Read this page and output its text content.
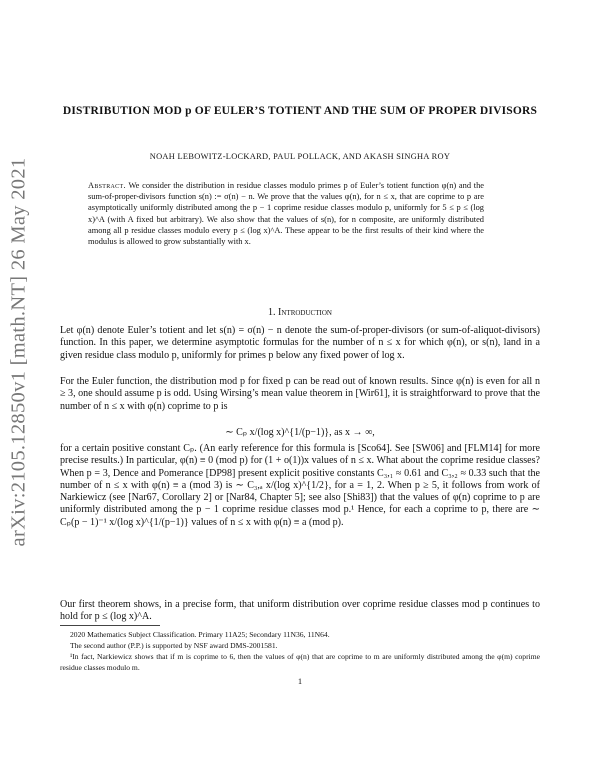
arXiv:2105.12850v1 [math.NT] 26 May 2021
DISTRIBUTION MOD p OF EULER’S TOTIENT AND THE SUM OF PROPER DIVISORS
NOAH LEBOWITZ-LOCKARD, PAUL POLLACK, AND AKASH SINGHA ROY
Abstract. We consider the distribution in residue classes modulo primes p of Euler’s totient function φ(n) and the sum-of-proper-divisors function s(n) := σ(n) − n. We prove that the values φ(n), for n ≤ x, that are coprime to p are asymptotically uniformly distributed among the p − 1 coprime residue classes modulo p, uniformly for 5 ≤ p ≤ (log x)^A (with A fixed but arbitrary). We also show that the values of s(n), for n composite, are uniformly distributed among all p residue classes modulo every p ≤ (log x)^A. These appear to be the first results of their kind where the modulus is allowed to grow substantially with x.
1. Introduction
Let φ(n) denote Euler’s totient and let s(n) = σ(n) − n denote the sum-of-proper-divisors (or sum-of-aliquot-divisors) function. In this paper, we determine asymptotic formulas for the number of n ≤ x for which φ(n), or s(n), land in a given residue class modulo p, uniformly for primes p below any fixed power of log x.
For the Euler function, the distribution mod p for fixed p can be read out of known results. Since φ(n) is even for all n ≥ 3, one should assume p is odd. Using Wirsing’s mean value theorem in [Wir61], it is straightforward to prove that the number of n ≤ x with φ(n) coprime to p is
∼ Cₚ x/(log x)^{1/(p−1)}, as x → ∞,
for a certain positive constant Cₚ. (An early reference for this formula is [Sco64]. See [SW06] and [FLM14] for more precise results.) In particular, φ(n) ≡ 0 (mod p) for (1 + o(1))x values of n ≤ x. What about the coprime residue classes? When p = 3, Dence and Pomerance [DP98] present explicit positive constants C₃,₁ ≈ 0.61 and C₃,₂ ≈ 0.33 such that the number of n ≤ x with φ(n) ≡ a (mod 3) is ∼ C₃,ₐ x/(log x)^{1/2}, for a = 1, 2. When p ≥ 5, it follows from work of Narkiewicz (see [Nar67, Corollary 2] or [Nar84, Chapter 5]; see also [Shi83]) that the values of φ(n) coprime to p are uniformly distributed among the p − 1 coprime residue classes mod p.¹ Hence, for each a coprime to p, there are ∼ Cₚ(p − 1)⁻¹ x/(log x)^{1/(p−1)} values of n ≤ x with φ(n) ≡ a (mod p).
Our first theorem shows, in a precise form, that uniform distribution over coprime residue classes mod p continues to hold for p ≤ (log x)^A.
2020 Mathematics Subject Classification. Primary 11A25; Secondary 11N36, 11N64.
The second author (P.P.) is supported by NSF award DMS-2001581.
¹In fact, Narkiewicz shows that if m is coprime to 6, then the values of φ(n) that are coprime to m are uniformly distributed among the φ(m) coprime residue classes modulo m.
1
